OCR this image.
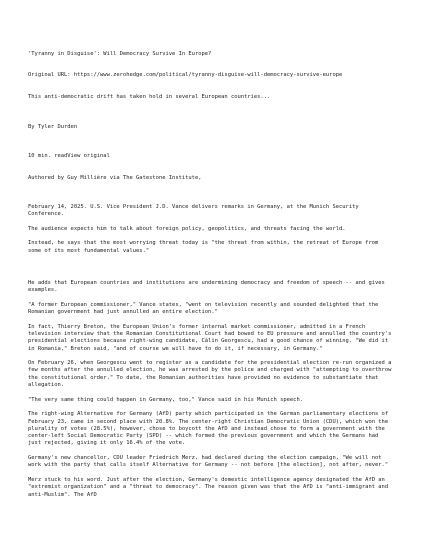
'Tyranny in Disguise': Will Democracy Survive In Europe?

Original URL: https://www.zerohedge.com/political/tyranny-disguise-will-democracy-survive-europe

This anti-democratic drift has taken hold in several European countries...

By Tyler Durden

10 min. readView original

Authored by Guy Millière via The Gatestone Institute,

February 14, 2025. U.S. Vice President J.D. Vance delivers remarks in Germany, at the Munich Security Conference.

The audience expects him to talk about foreign policy, geopolitics, and threats facing the world.

Instead, he says that the most worrying threat today is "the threat from within, the retreat of Europe from some of its most fundamental values."

He adds that European countries and institutions are undermining democracy and freedom of speech -- and gives examples.

"A former European commissioner," Vance states, "went on television recently and sounded delighted that the Romanian government had just annulled an entire election."

In fact, Thierry Breton, the European Union's former internal market commissioner, admitted in a French television interview that the Romanian Constitutional Court had bowed to EU pressure and annulled the country's presidential elections because right-wing candidate, Călin Georgescu, had a good chance of winning. "We did it in Romania," Breton said, "and of course we will have to do it, if necessary, in Germany."

On February 26, when Georgescu went to register as a candidate for the presidential election re-run organized a few months after the annulled election, he was arrested by the police and charged with "attempting to overthrow the constitutional order." To date, the Romanian authorities have provided no evidence to substantiate that allegation.

"The very same thing could happen in Germany, too," Vance said in his Munich speech.

The right-wing Alternative for Germany (AfD) party which participated in the German parliamentary elections of February 23, came in second place with 20.8%. The center-right Christian Democratic Union (CDU), which won the plurality of votes (28.5%), however, chose to boycott the AfD and instead chose to form a government with the center-left Social Democratic Party (SPD) -- which formed the previous government and which the Germans had just rejected, giving it only 16.4% of the vote.

Germany's new chancellor, CDU leader Friedrich Merz, had declared during the election campaign, "We will not work with the party that calls itself Alternative for Germany -- not before [the election], not after, never."

Merz stuck to his word. Just after the election, Germany's domestic intelligence agency designated the AfD an "extremist organization" and a "threat to democracy". The reason given was that the AfD is "anti-immigrant and anti-Muslim". The AfD
